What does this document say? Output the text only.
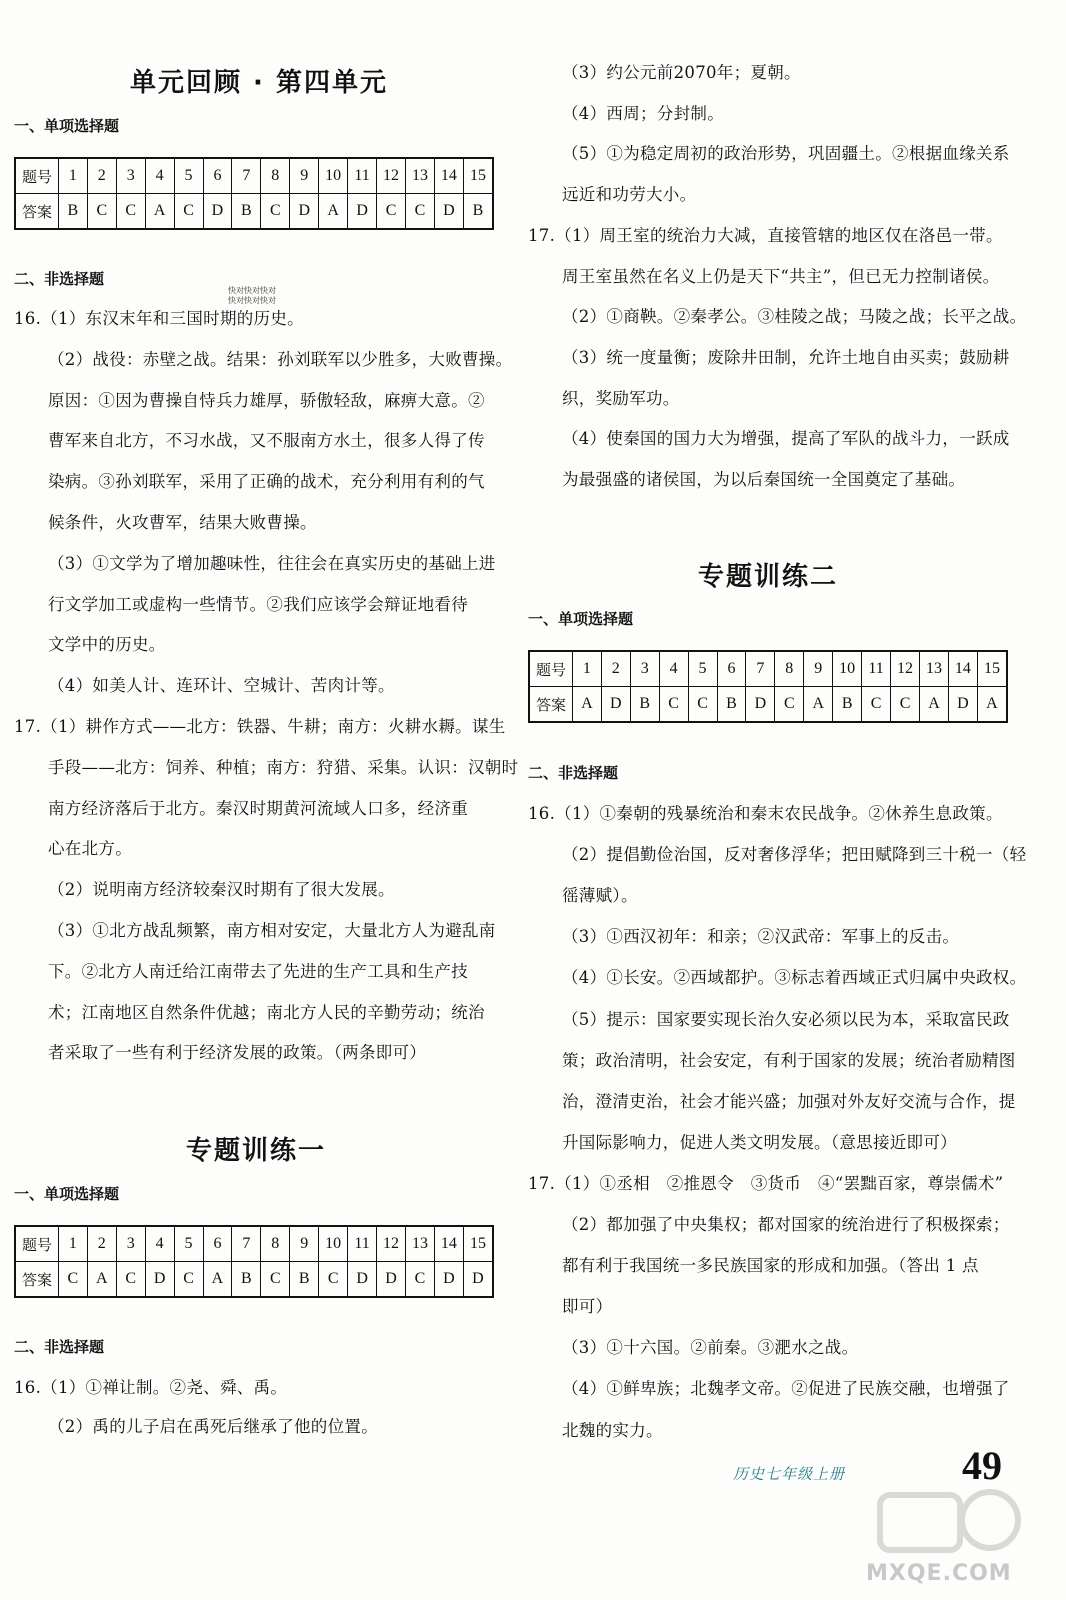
单元回顾 · 第四单元
一、单项选择题
题号	1	2	3	4	5	6	7	8	9	10	11	12	13	14	15
答案	B	C	C	A	C	D	B	C	D	A	D	C	C	D	B
二、非选择题
快对快对快对
快对快对快对
16.（1）东汉末年和三国时期的历史。
（2）战役：赤壁之战。结果：孙刘联军以少胜多，大败曹操。
原因：①因为曹操自恃兵力雄厚，骄傲轻敌，麻痹大意。②
曹军来自北方，不习水战，又不服南方水土，很多人得了传
染病。③孙刘联军，采用了正确的战术，充分利用有利的气
候条件，火攻曹军，结果大败曹操。
（3）①文学为了增加趣味性，往往会在真实历史的基础上进
行文学加工或虚构一些情节。②我们应该学会辩证地看待
文学中的历史。
（4）如美人计、连环计、空城计、苦肉计等。
17.（1）耕作方式——北方：铁器、牛耕；南方：火耕水耨。谋生
手段——北方：饲养、种植；南方：狩猎、采集。认识：汉朝时
南方经济落后于北方。秦汉时期黄河流域人口多，经济重
心在北方。
（2）说明南方经济较秦汉时期有了很大发展。
（3）①北方战乱频繁，南方相对安定，大量北方人为避乱南
下。②北方人南迁给江南带去了先进的生产工具和生产技
术；江南地区自然条件优越；南北方人民的辛勤劳动；统治
者采取了一些有利于经济发展的政策。（两条即可）
专题训练一
一、单项选择题
题号	1	2	3	4	5	6	7	8	9	10	11	12	13	14	15
答案	C	A	C	D	C	A	B	C	B	C	D	D	C	D	D
二、非选择题
16.（1）①禅让制。②尧、舜、禹。
（2）禹的儿子启在禹死后继承了他的位置。
（3）约公元前2070年；夏朝。
（4）西周；分封制。
（5）①为稳定周初的政治形势，巩固疆土。②根据血缘关系
远近和功劳大小。
17.（1）周王室的统治力大减，直接管辖的地区仅在洛邑一带。
周王室虽然在名义上仍是天下“共主”，但已无力控制诸侯。
（2）①商鞅。②秦孝公。③桂陵之战；马陵之战；长平之战。
（3）统一度量衡；废除井田制，允许土地自由买卖；鼓励耕
织，奖励军功。
（4）使秦国的国力大为增强，提高了军队的战斗力，一跃成
为最强盛的诸侯国，为以后秦国统一全国奠定了基础。
专题训练二
一、单项选择题
题号	1	2	3	4	5	6	7	8	9	10	11	12	13	14	15
答案	A	D	B	C	C	B	D	C	A	B	C	C	A	D	A
二、非选择题
16.（1）①秦朝的残暴统治和秦末农民战争。②休养生息政策。
（2）提倡勤俭治国，反对奢侈浮华；把田赋降到三十税一（轻
徭薄赋）。
（3）①西汉初年：和亲；②汉武帝：军事上的反击。
（4）①长安。②西域都护。③标志着西域正式归属中央政权。
（5）提示：国家要实现长治久安必须以民为本，采取富民政
策；政治清明，社会安定，有利于国家的发展；统治者励精图
治，澄清吏治，社会才能兴盛；加强对外友好交流与合作，提
升国际影响力，促进人类文明发展。（意思接近即可）
17.（1）①丞相　②推恩令　③货币　④“罢黜百家，尊崇儒术”
（2）都加强了中央集权；都对国家的统治进行了积极探索；
都有利于我国统一多民族国家的形成和加强。（答出 1 点
即可）
（3）①十六国。②前秦。③淝水之战。
（4）①鲜卑族；北魏孝文帝。②促进了民族交融，也增强了
北魏的实力。
历史七年级上册	49
MXQE.COM
